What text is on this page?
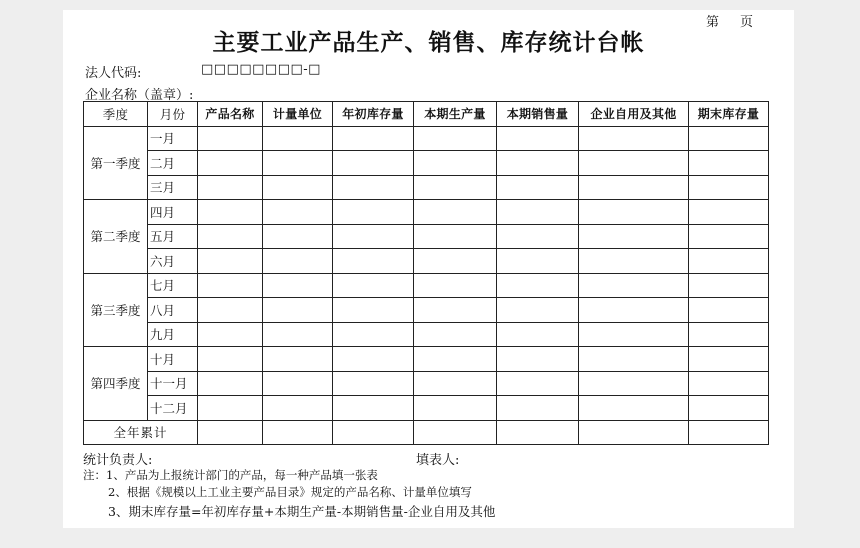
第 页
主要工业产品生产、销售、库存统计台帐
法人代码:	□□□□□□□□-□
企业名称（盖章）:
季度	月份	产品名称	计量单位	年初库存量	本期生产量	本期销售量	企业自用及其他	期末库存量
第一季度	一月							
	二月							
	三月							
第二季度	四月							
	五月							
	六月							
第三季度	七月							
	八月							
	九月							
第四季度	十月							
	十一月							
	十二月							
全年累计								
统计负责人:	填表人:
注：1、产品为上报统计部门的产品，每一种产品填一张表
2、根据《规模以上工业主要产品目录》规定的产品名称、计量单位填写
3、期末库存量=年初库存量+本期生产量-本期销售量-企业自用及其他
